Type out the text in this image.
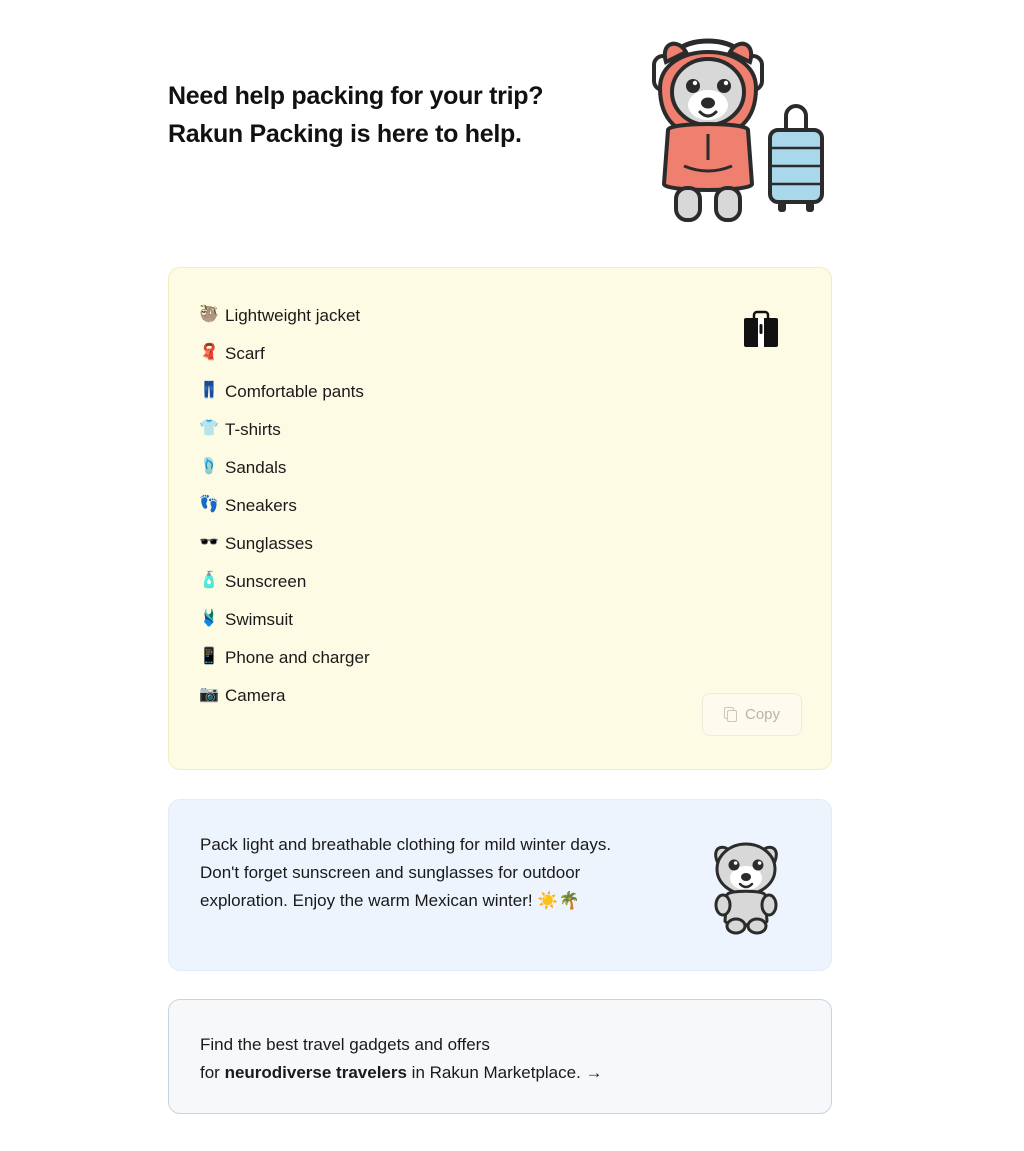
Need help packing for your trip?
Rakun Packing is here to help.
🦥 Lightweight jacket
🧣 Scarf
👖 Comfortable pants
👕 T-shirts
🩴 Sandals
👣 Sneakers
🕶️ Sunglasses
🧴 Sunscreen
🩱 Swimsuit
📱 Phone and charger
📷 Camera
Copy
Pack light and breathable clothing for mild winter days. Don't forget sunscreen and sunglasses for outdoor exploration. Enjoy the warm Mexican winter! ☀️🌴
Find the best travel gadgets and offers
for neurodiverse travelers in Rakun Marketplace. →
